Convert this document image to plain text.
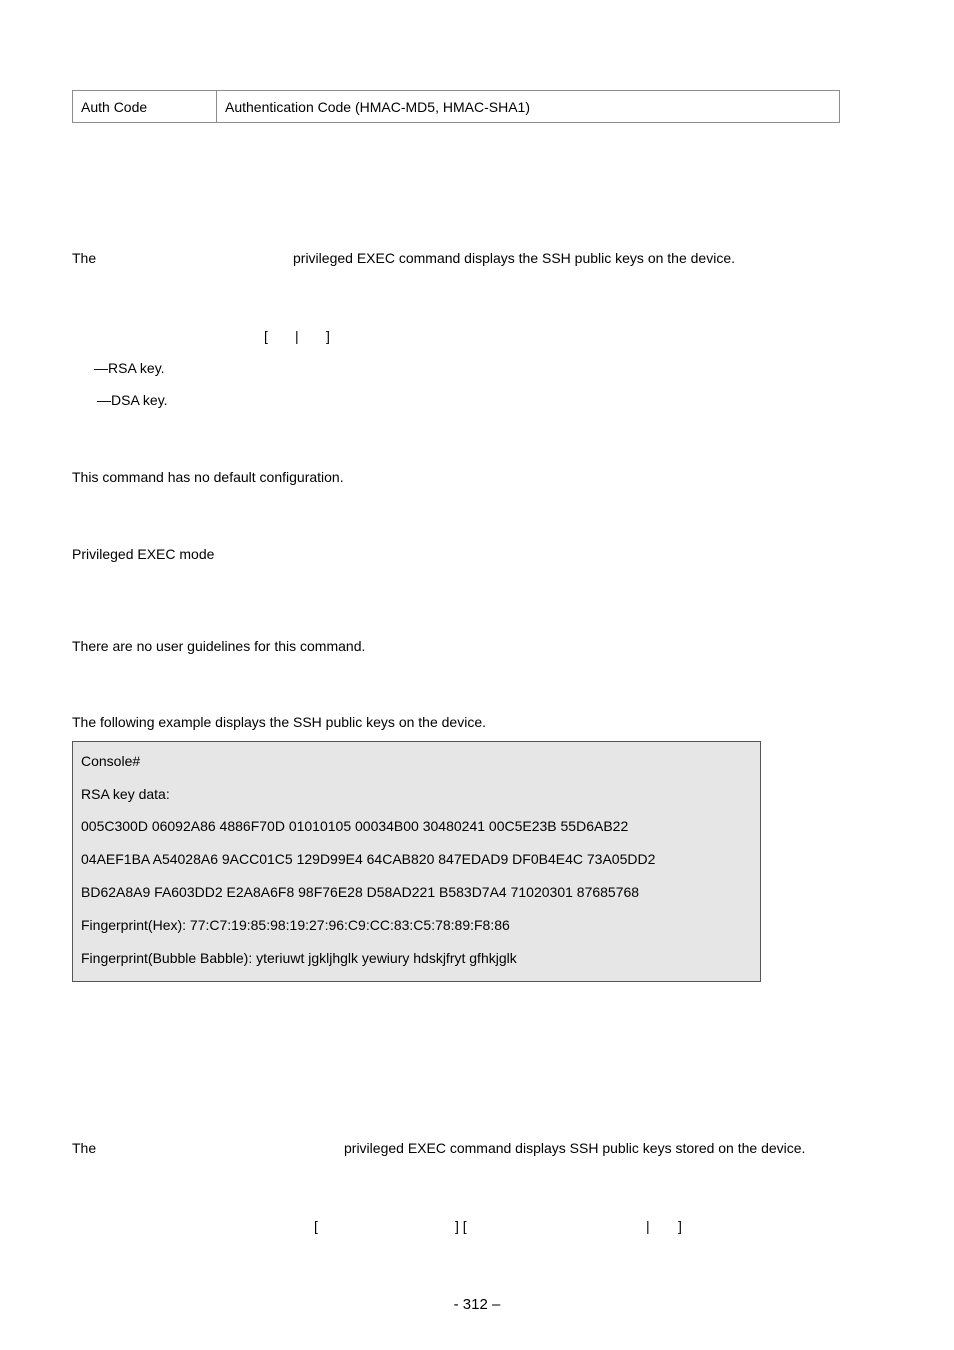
Auth Code	Authentication Code (HMAC-MD5, HMAC-SHA1)
The	privileged EXEC command displays the SSH public keys on the device.
[ | ]
—RSA key.
—DSA key.
This command has no default configuration.
Privileged EXEC mode
There are no user guidelines for this command.
The following example displays the SSH public keys on the device.
Console#
RSA key data:
005C300D 06092A86 4886F70D 01010105 00034B00 30480241 00C5E23B 55D6AB22
04AEF1BA A54028A6 9ACC01C5 129D99E4 64CAB820 847EDAD9 DF0B4E4C 73A05DD2
BD62A8A9 FA603DD2 E2A8A6F8 98F76E28 D58AD221 B583D7A4 71020301 87685768
Fingerprint(Hex): 77:C7:19:85:98:19:27:96:C9:CC:83:C5:78:89:F8:86
Fingerprint(Bubble Babble): yteriuwt jgkljhglk yewiury hdskjfryt gfhkjglk
The	privileged EXEC command displays SSH public keys stored on the device.
[	] [	| ]
- 312 –
